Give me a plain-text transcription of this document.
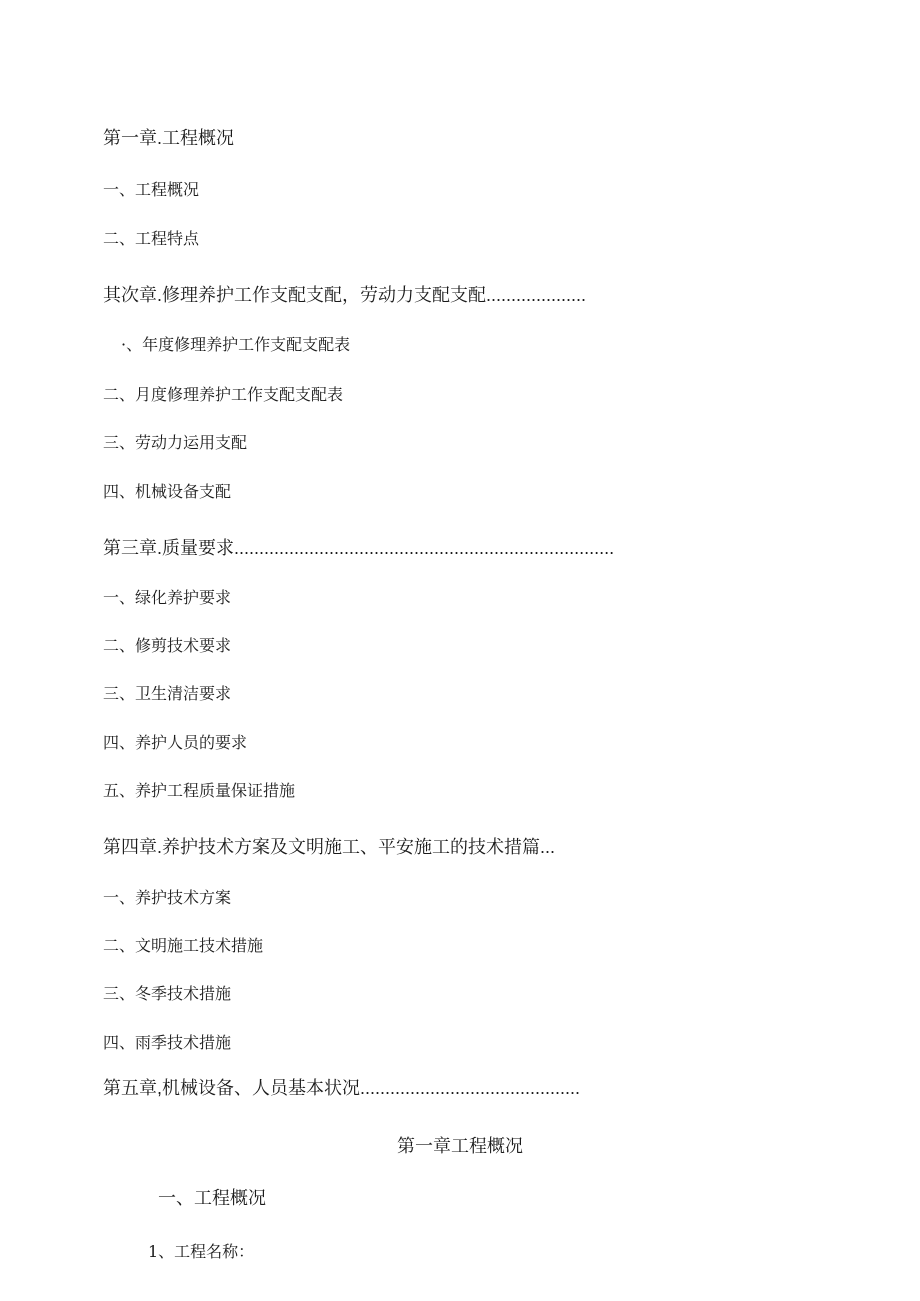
第一章.工程概况
一、工程概况
二、工程特点
其次章.修理养护工作支配支配，劳动力支配支配....................
·、年度修理养护工作支配支配表
二、月度修理养护工作支配支配表
三、劳动力运用支配
四、机械设备支配
第三章.质量要求............................................................................
一、绿化养护要求
二、修剪技术要求
三、卫生清洁要求
四、养护人员的要求
五、养护工程质量保证措施
第四章.养护技术方案及文明施工、平安施工的技术措篇...
一、养护技术方案
二、文明施工技术措施
三、冬季技术措施
四、雨季技术措施
第五章,机械设备、人员基本状况............................................
第一章工程概况
一、工程概况
1、工程名称：
